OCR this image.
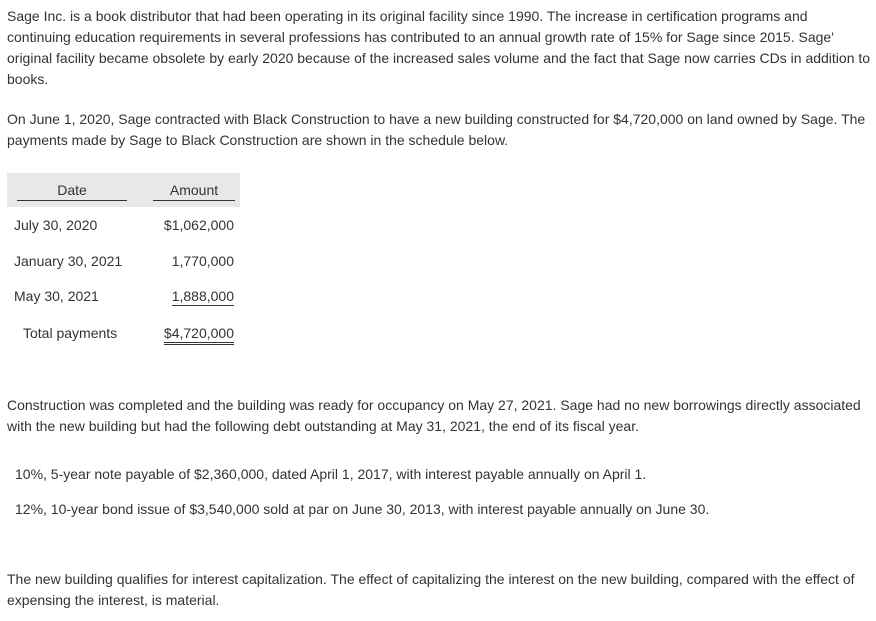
Sage Inc. is a book distributor that had been operating in its original facility since 1990. The increase in certification programs and continuing education requirements in several professions has contributed to an annual growth rate of 15% for Sage since 2015. Sage' original facility became obsolete by early 2020 because of the increased sales volume and the fact that Sage now carries CDs in addition to books.

On June 1, 2020, Sage contracted with Black Construction to have a new building constructed for $4,720,000 on land owned by Sage. The payments made by Sage to Black Construction are shown in the schedule below.

Date	Amount
July 30, 2020	$1,062,000
January 30, 2021	1,770,000
May 30, 2021	1,888,000
Total payments	$4,720,000

Construction was completed and the building was ready for occupancy on May 27, 2021. Sage had no new borrowings directly associated with the new building but had the following debt outstanding at May 31, 2021, the end of its fiscal year.

10%, 5-year note payable of $2,360,000, dated April 1, 2017, with interest payable annually on April 1.

12%, 10-year bond issue of $3,540,000 sold at par on June 30, 2013, with interest payable annually on June 30.

The new building qualifies for interest capitalization. The effect of capitalizing the interest on the new building, compared with the effect of expensing the interest, is material.
